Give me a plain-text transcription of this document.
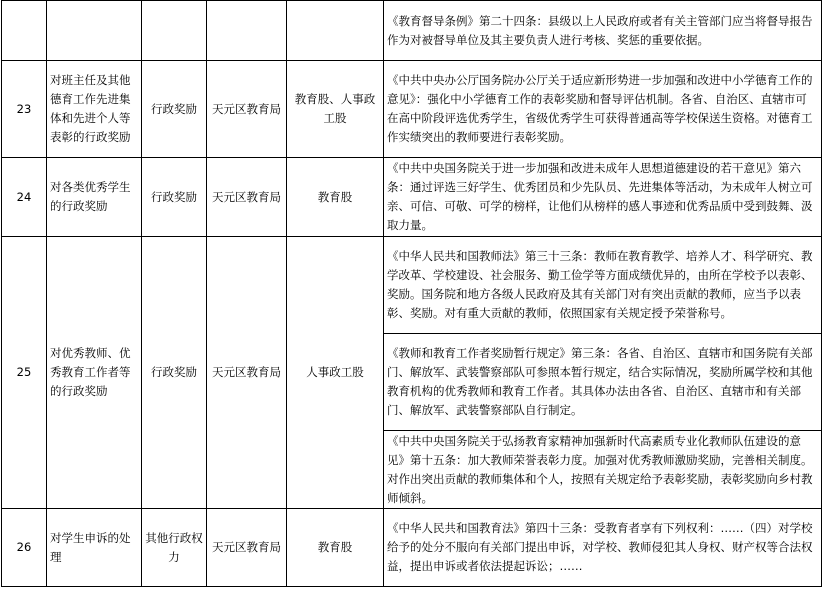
					《教育督导条例》第二十四条：县级以上人民政府或者有关主管部门应当将督导报告作为对被督导单位及其主要负责人进行考核、奖惩的重要依据。

23	对班主任及其他德育工作先进集体和先进个人等表彰的行政奖励	行政奖励	天元区教育局	教育股、人事政工股	《中共中央办公厅国务院办公厅关于适应新形势进一步加强和改进中小学德育工作的意见》：强化中小学德育工作的表彰奖励和督导评估机制。各省、自治区、直辖市可在高中阶段评选优秀学生，省级优秀学生可获得普通高等学校保送生资格。对德育工作实绩突出的教师要进行表彰奖励。

24	对各类优秀学生的行政奖励	行政奖励	天元区教育局	教育股	《中共中央国务院关于进一步加强和改进未成年人思想道德建设的若干意见》第六条：通过评选三好学生、优秀团员和少先队员、先进集体等活动，为未成年人树立可亲、可信、可敬、可学的榜样，让他们从榜样的感人事迹和优秀品质中受到鼓舞、汲取力量。

25	对优秀教师、优秀教育工作者等的行政奖励	行政奖励	天元区教育局	人事政工股	《中华人民共和国教师法》第三十三条：教师在教育教学、培养人才、科学研究、教学改革、学校建设、社会服务、勤工俭学等方面成绩优异的，由所在学校予以表彰、奖励。国务院和地方各级人民政府及其有关部门对有突出贡献的教师，应当予以表彰、奖励。对有重大贡献的教师，依照国家有关规定授予荣誉称号。

					《教师和教育工作者奖励暂行规定》第三条：各省、自治区、直辖市和国务院有关部门、解放军、武装警察部队可参照本暂行规定，结合实际情况，奖励所属学校和其他教育机构的优秀教师和教育工作者。其具体办法由各省、自治区、直辖市和有关部门、解放军、武装警察部队自行制定。

					《中共中央国务院关于弘扬教育家精神加强新时代高素质专业化教师队伍建设的意见》第十五条：加大教师荣誉表彰力度。加强对优秀教师激励奖励，完善相关制度。对作出突出贡献的教师集体和个人，按照有关规定给予表彰奖励，表彰奖励向乡村教师倾斜。

26	对学生申诉的处理	其他行政权力	天元区教育局	教育股	《中华人民共和国教育法》第四十三条：受教育者享有下列权利：……（四）对学校给予的处分不服向有关部门提出申诉，对学校、教师侵犯其人身权、财产权等合法权益，提出申诉或者依法提起诉讼；……
